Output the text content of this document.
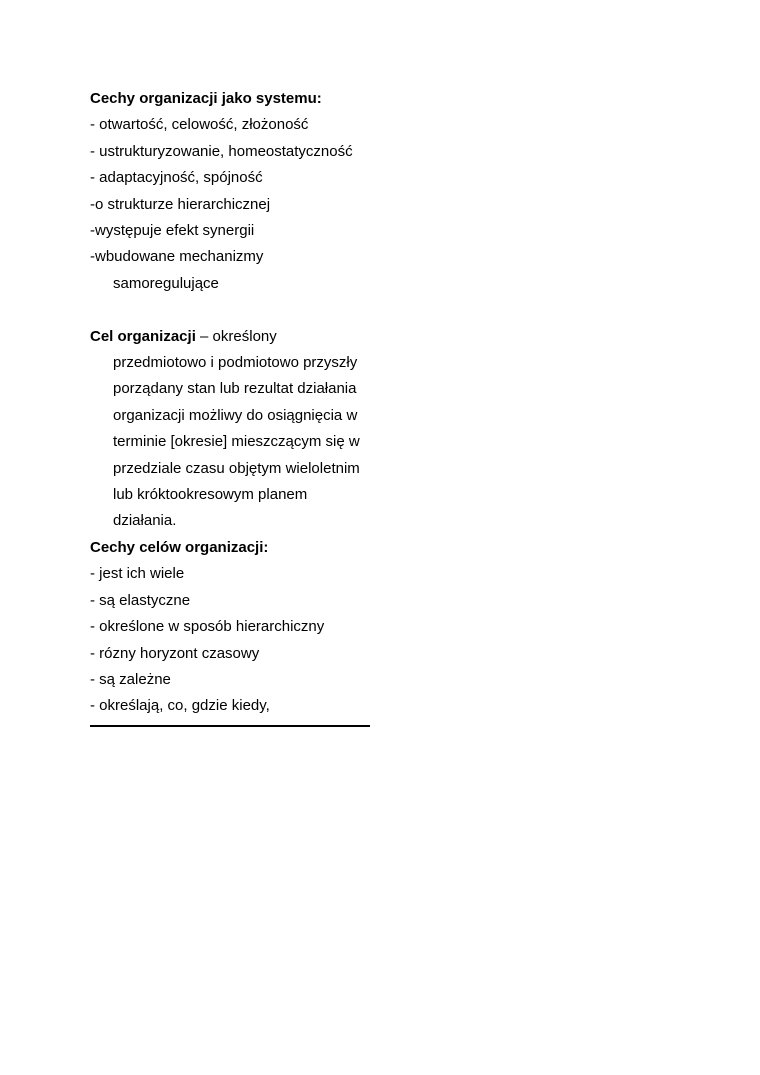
Cechy organizacji jako systemu:

- otwartość, celowość, złożoność

- ustrukturyzowanie, homeostatyczność

- adaptacyjność, spójność

-o strukturze hierarchicznej

-występuje efekt synergii

-wbudowane mechanizmy

samoregulujące

Cel organizacji – określony

przedmiotowo i podmiotowo przyszły

porządany stan lub rezultat działania

organizacji możliwy do osiągnięcia w

terminie [okresie] mieszczącym się w

przedziale czasu objętym wieloletnim

lub króktookresowym planem

działania.

Cechy celów organizacji:

- jest ich wiele

- są elastyczne

- określone w sposób hierarchiczny

- rózny horyzont czasowy

- są zależne

- określają, co, gdzie kiedy,
